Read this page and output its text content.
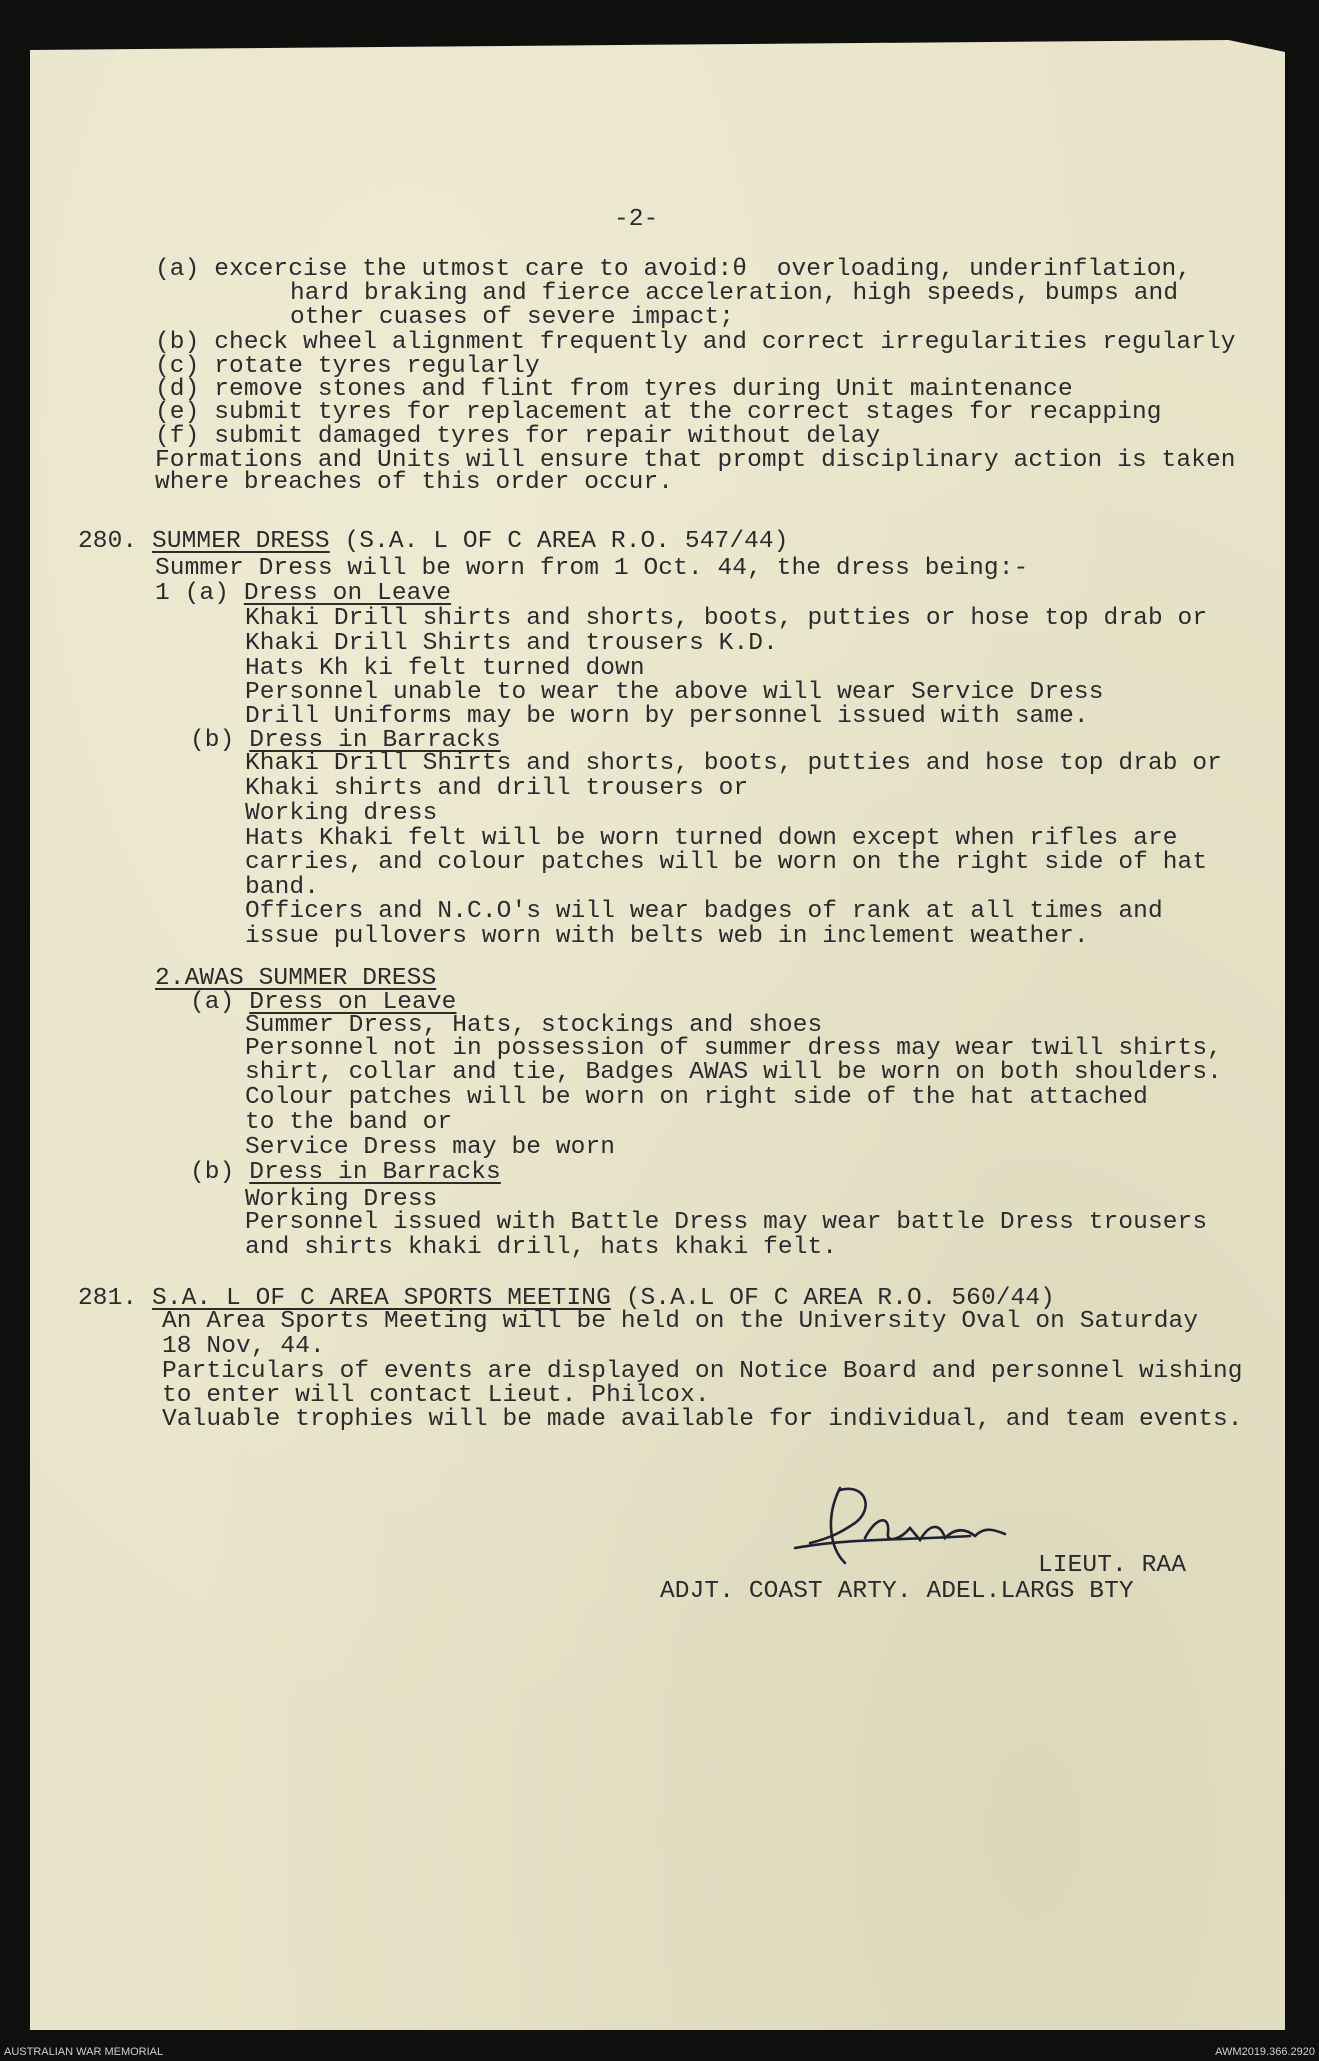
-2-
(a) excercise the utmost care to avoid:θ  overloading, underinflation,
hard braking and fierce acceleration, high speeds, bumps and
other cuases of severe impact;
(b) check wheel alignment frequently and correct irregularities regularly
(c) rotate tyres regularly
(d) remove stones and flint from tyres during Unit maintenance
(e) submit tyres for replacement at the correct stages for recapping
(f) submit damaged tyres for repair without delay
Formations and Units will ensure that prompt disciplinary action is taken
where breaches of this order occur.
280. SUMMER DRESS (S.A. L OF C AREA R.O. 547/44)
Summer Dress will be worn from 1 Oct. 44, the dress being:-
1 (a) Dress on Leave
Khaki Drill shirts and shorts, boots, putties or hose top drab or
Khaki Drill Shirts and trousers K.D.
Hats Kh ki felt turned down
Personnel unable to wear the above will wear Service Dress
Drill Uniforms may be worn by personnel issued with same.
(b) Dress in Barracks
Khaki Drill Shirts and shorts, boots, putties and hose top drab or
Khaki shirts and drill trousers or
Working dress
Hats Khaki felt will be worn turned down except when rifles are
carries, and colour patches will be worn on the right side of hat
band.
Officers and N.C.O's will wear badges of rank at all times and
issue pullovers worn with belts web in inclement weather.
2.AWAS SUMMER DRESS
(a) Dress on Leave
Summer Dress, Hats, stockings and shoes
Personnel not in possession of summer dress may wear twill shirts,
shirt, collar and tie, Badges AWAS will be worn on both shoulders.
Colour patches will be worn on right side of the hat attached
to the band or
Service Dress may be worn
(b) Dress in Barracks
Working Dress
Personnel issued with Battle Dress may wear battle Dress trousers
and shirts khaki drill, hats khaki felt.
281. S.A. L OF C AREA SPORTS MEETING (S.A.L OF C AREA R.O. 560/44)
An Area Sports Meeting will be held on the University Oval on Saturday
18 Nov, 44.
Particulars of events are displayed on Notice Board and personnel wishing
to enter will contact Lieut. Philcox.
Valuable trophies will be made available for individual, and team events.
LIEUT. RAA
ADJT. COAST ARTY. ADEL.LARGS BTY
AUSTRALIAN WAR MEMORIAL	AWM2019.366.2920
